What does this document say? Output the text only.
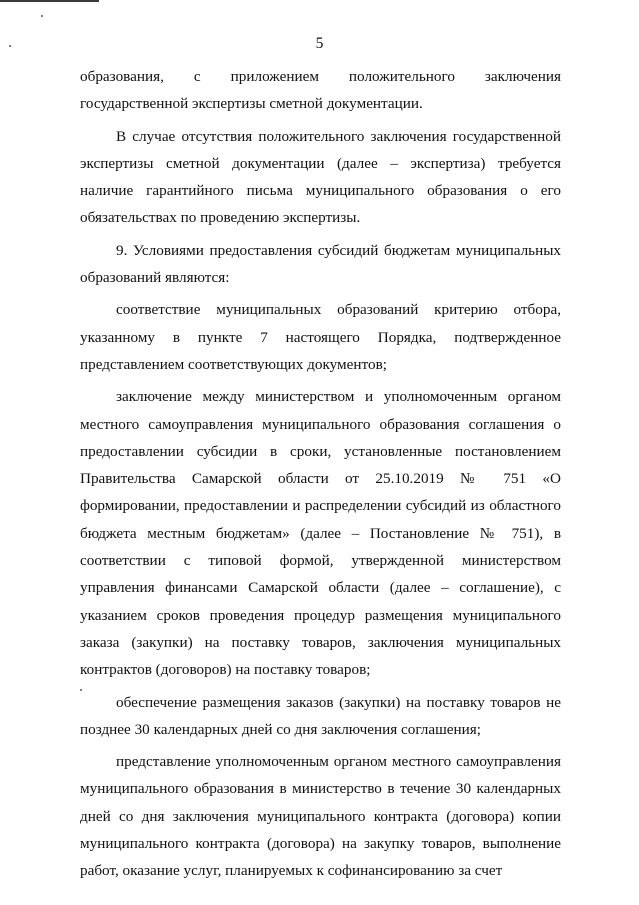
5

образования, с приложением положительного заключения государственной экспертизы сметной документации.

В случае отсутствия положительного заключения государственной экспертизы сметной документации (далее – экспертиза) требуется наличие гарантийного письма муниципального образования о его обязательствах по проведению экспертизы.

9. Условиями предоставления субсидий бюджетам муниципальных образований являются:

соответствие муниципальных образований критерию отбора, указанному в пункте 7 настоящего Порядка, подтвержденное представлением соответствующих документов;

заключение между министерством и уполномоченным органом местного самоуправления муниципального образования соглашения о предоставлении субсидии в сроки, установленные постановлением Правительства Самарской области от 25.10.2019 № 751 «О формировании, предоставлении и распределении субсидий из областного бюджета местным бюджетам» (далее – Постановление № 751), в соответствии с типовой формой, утвержденной министерством управления финансами Самарской области (далее – соглашение), с указанием сроков проведения процедур размещения муниципального заказа (закупки) на поставку товаров, заключения муниципальных контрактов (договоров) на поставку товаров;

обеспечение размещения заказов (закупки) на поставку товаров не позднее 30 календарных дней со дня заключения соглашения;

представление уполномоченным органом местного самоуправления муниципального образования в министерство в течение 30 календарных дней со дня заключения муниципального контракта (договора) копии муниципального контракта (договора) на закупку товаров, выполнение работ, оказание услуг, планируемых к софинансированию за счет
